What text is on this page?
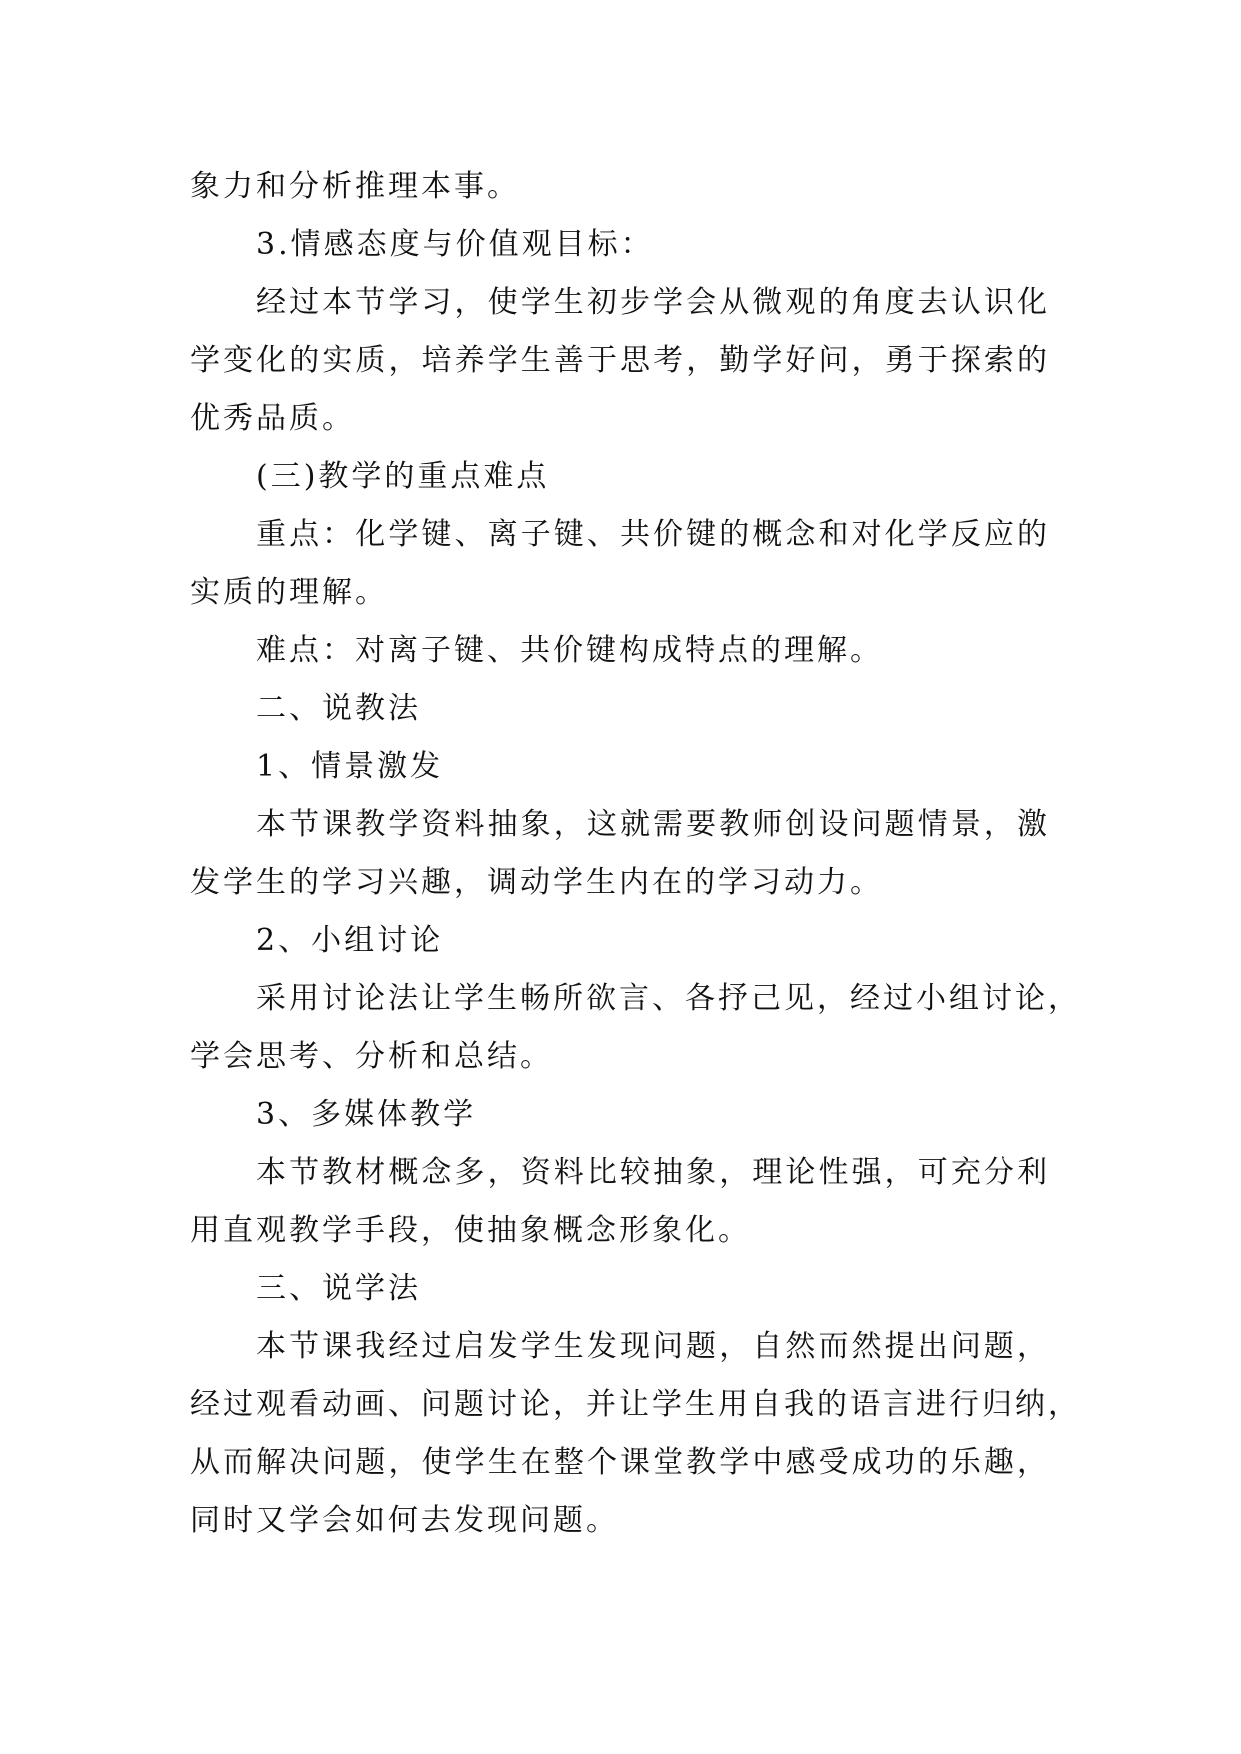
象力和分析推理本事。
3.情感态度与价值观目标：
经过本节学习，使学生初步学会从微观的角度去认识化
学变化的实质，培养学生善于思考，勤学好问，勇于探索的
优秀品质。
(三)教学的重点难点
重点：化学键、离子键、共价键的概念和对化学反应的
实质的理解。
难点：对离子键、共价键构成特点的理解。
二、说教法
1、情景激发
本节课教学资料抽象，这就需要教师创设问题情景，激
发学生的学习兴趣，调动学生内在的学习动力。
2、小组讨论
采用讨论法让学生畅所欲言、各抒己见，经过小组讨论，
学会思考、分析和总结。
3、多媒体教学
本节教材概念多，资料比较抽象，理论性强，可充分利
用直观教学手段，使抽象概念形象化。
三、说学法
本节课我经过启发学生发现问题，自然而然提出问题，
经过观看动画、问题讨论，并让学生用自我的语言进行归纳，
从而解决问题，使学生在整个课堂教学中感受成功的乐趣，
同时又学会如何去发现问题。
